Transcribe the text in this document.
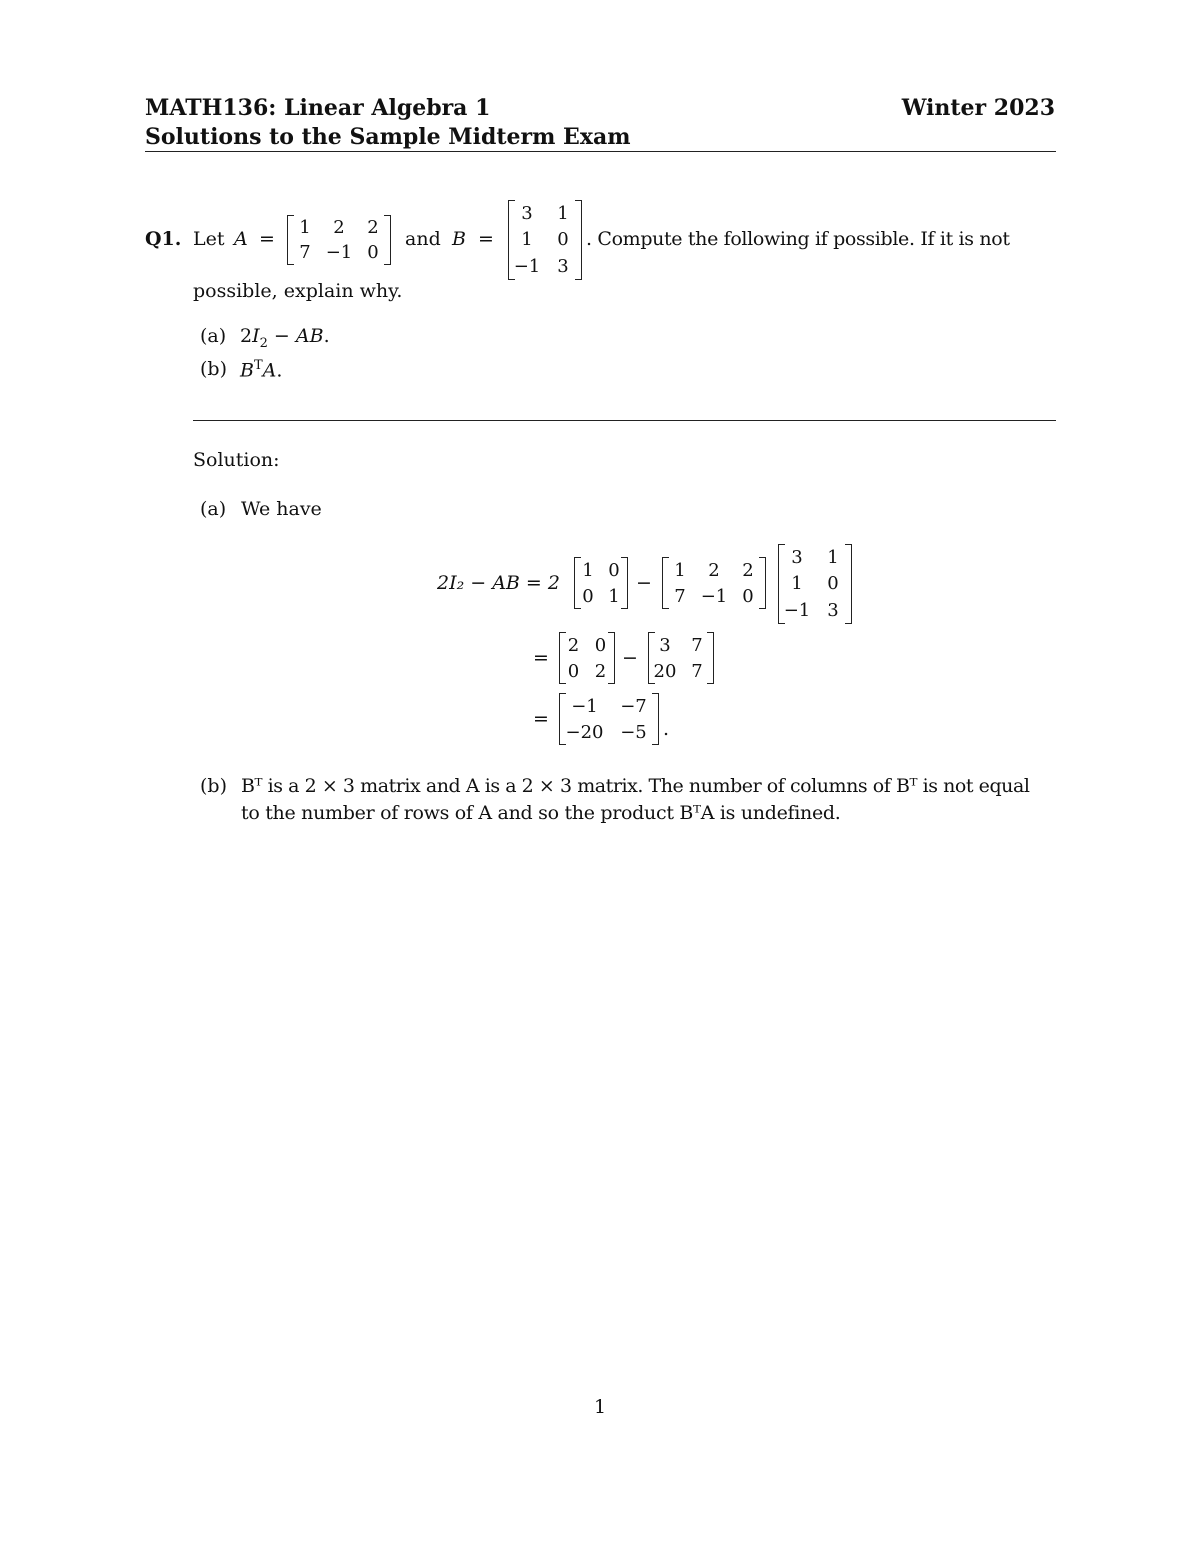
MATH136: Linear Algebra 1	Winter 2023
Solutions to the Sample Midterm Exam
Q1. Let A =
1	2	2
7 −1 0
and B =
3	1
1	0
−1 3
. Compute the following if possible. If it is not
possible, explain why.
(a) $2I_2$ − AB.
(b) $B^TA$.
Solution:
(a) We have
2I₂ − AB = 2
1 0
0 1
−
1	2	2
7 −1 0
3	1
1	0
−1 3
=
2 0
0 2
−
3	7
20 7
=
−1	−7
−20 −5 .
(b) Bᵀ is a 2 × 3 matrix and A is a 2 × 3 matrix. The number of columns of Bᵀ is not equal
to the number of rows of A and so the product BᵀA is undefined.
1
